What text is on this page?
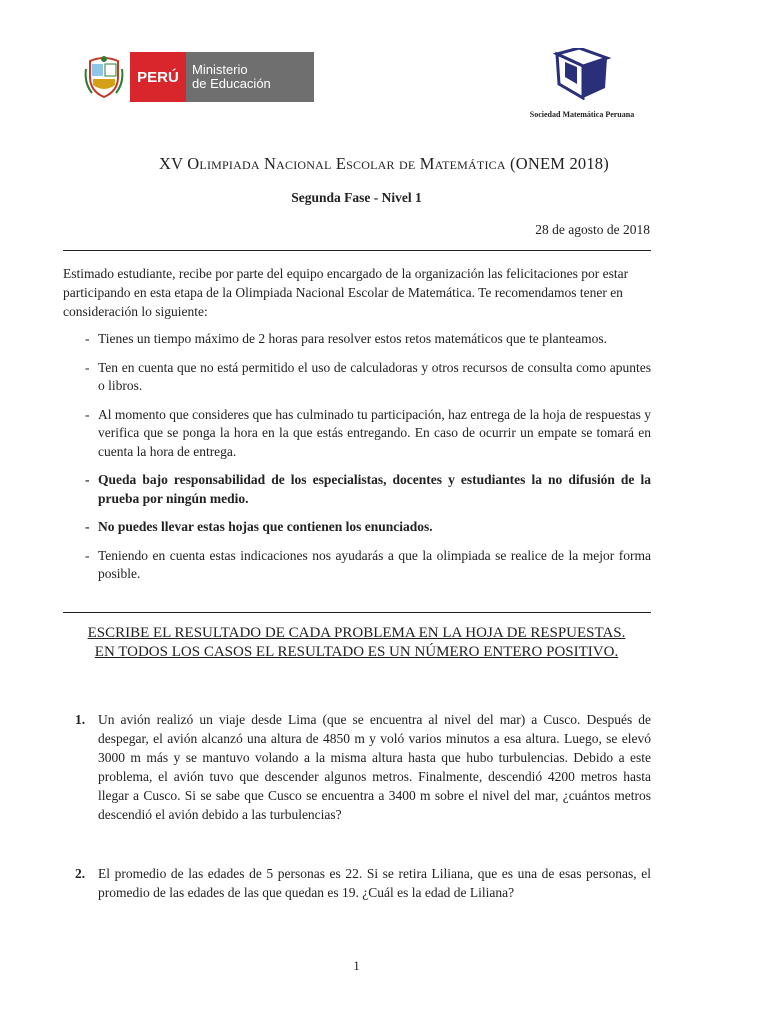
PERÚ	Ministerio
de Educación
Sociedad Matemática Peruana
XV Olimpiada Nacional Escolar de Matemática (ONEM 2018)
Segunda Fase - Nivel 1
28 de agosto de 2018
Estimado estudiante, recibe por parte del equipo encargado de la organización las felicitaciones por estar participando en esta etapa de la Olimpiada Nacional Escolar de Matemática. Te recomendamos tener en consideración lo siguiente:
- Tienes un tiempo máximo de 2 horas para resolver estos retos matemáticos que te planteamos.
- Ten en cuenta que no está permitido el uso de calculadoras y otros recursos de consulta como apuntes o libros.
- Al momento que consideres que has culminado tu participación, haz entrega de la hoja de respuestas y verifica que se ponga la hora en la que estás entregando. En caso de ocurrir un empate se tomará en cuenta la hora de entrega.
- Queda bajo responsabilidad de los especialistas, docentes y estudiantes la no difusión de la prueba por ningún medio.
- No puedes llevar estas hojas que contienen los enunciados.
- Teniendo en cuenta estas indicaciones nos ayudarás a que la olimpiada se realice de la mejor forma posible.
ESCRIBE EL RESULTADO DE CADA PROBLEMA EN LA HOJA DE RESPUESTAS.
EN TODOS LOS CASOS EL RESULTADO ES UN NÚMERO ENTERO POSITIVO.
1. Un avión realizó un viaje desde Lima (que se encuentra al nivel del mar) a Cusco. Después de despegar, el avión alcanzó una altura de 4850 m y voló varios minutos a esa altura. Luego, se elevó 3000 m más y se mantuvo volando a la misma altura hasta que hubo turbulencias. Debido a este problema, el avión tuvo que descender algunos metros. Finalmente, descendió 4200 metros hasta llegar a Cusco. Si se sabe que Cusco se encuentra a 3400 m sobre el nivel del mar, ¿cuántos metros descendió el avión debido a las turbulencias?
2. El promedio de las edades de 5 personas es 22. Si se retira Liliana, que es una de esas personas, el promedio de las edades de las que quedan es 19. ¿Cuál es la edad de Liliana?
1
